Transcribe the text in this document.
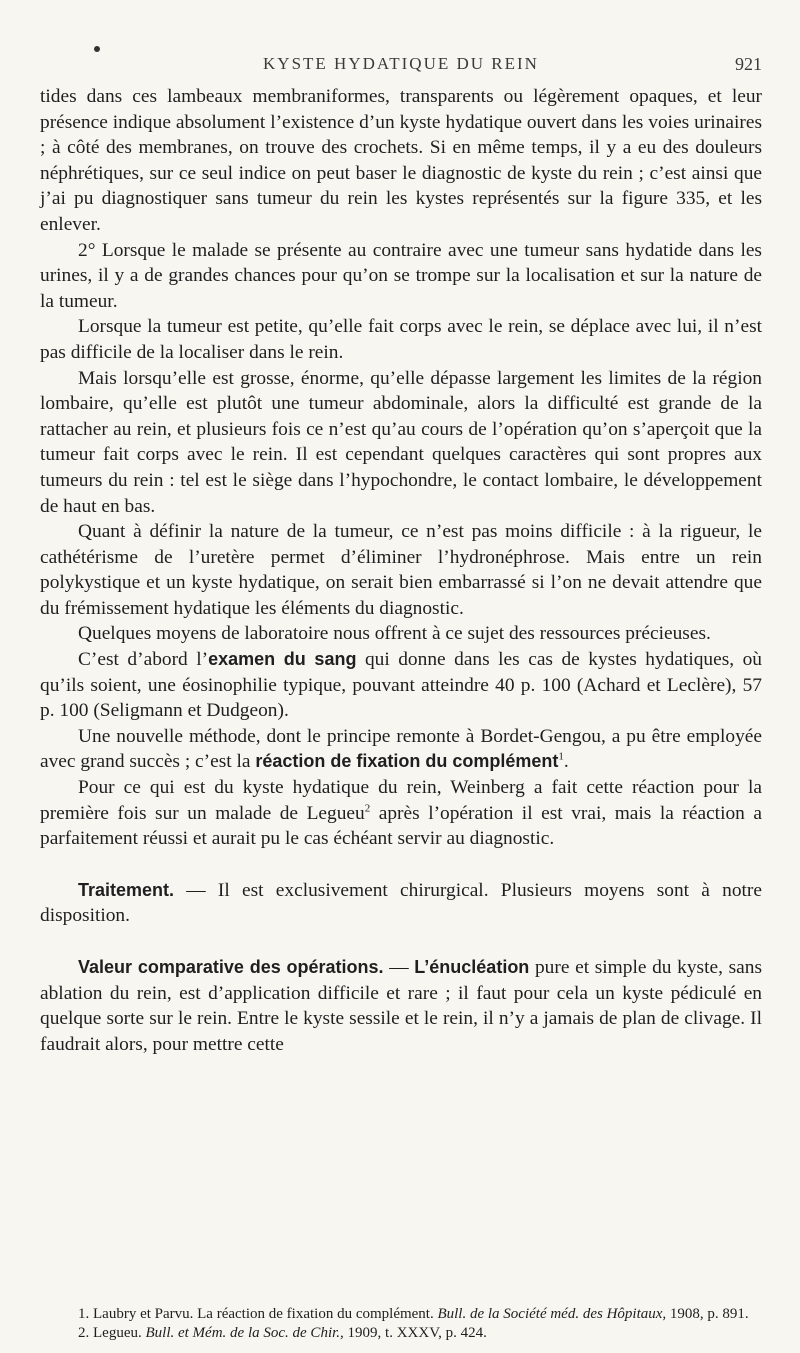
KYSTE HYDATIQUE DU REIN	921

tides dans ces lambeaux membraniformes, transparents ou légèrement opaques, et leur présence indique absolument l’existence d’un kyste hydatique ouvert dans les voies urinaires ; à côté des membranes, on trouve des crochets. Si en même temps, il y a eu des douleurs néphrétiques, sur ce seul indice on peut baser le diagnostic de kyste du rein ; c’est ainsi que j’ai pu diagnostiquer sans tumeur du rein les kystes représentés sur la figure 335, et les enlever.

2° Lorsque le malade se présente au contraire avec une tumeur sans hydatide dans les urines, il y a de grandes chances pour qu’on se trompe sur la localisation et sur la nature de la tumeur.

Lorsque la tumeur est petite, qu’elle fait corps avec le rein, se déplace avec lui, il n’est pas difficile de la localiser dans le rein.

Mais lorsqu’elle est grosse, énorme, qu’elle dépasse largement les limites de la région lombaire, qu’elle est plutôt une tumeur abdominale, alors la difficulté est grande de la rattacher au rein, et plusieurs fois ce n’est qu’au cours de l’opération qu’on s’aperçoit que la tumeur fait corps avec le rein. Il est cependant quelques caractères qui sont propres aux tumeurs du rein : tel est le siège dans l’hypochondre, le contact lombaire, le développement de haut en bas.

Quant à définir la nature de la tumeur, ce n’est pas moins difficile : à la rigueur, le cathétérisme de l’uretère permet d’éliminer l’hydronéphrose. Mais entre un rein polykystique et un kyste hydatique, on serait bien embarrassé si l’on ne devait attendre que du frémissement hydatique les éléments du diagnostic.

Quelques moyens de laboratoire nous offrent à ce sujet des ressources précieuses.

C’est d’abord l’examen du sang qui donne dans les cas de kystes hydatiques, où qu’ils soient, une éosinophilie typique, pouvant atteindre 40 p. 100 (Achard et Leclère), 57 p. 100 (Seligmann et Dudgeon).

Une nouvelle méthode, dont le principe remonte à Bordet-Gengou, a pu être employée avec grand succès ; c’est la réaction de fixation du complément$^1$.

Pour ce qui est du kyste hydatique du rein, Weinberg a fait cette réaction pour la première fois sur un malade de Legueu$^2$ après l’opération il est vrai, mais la réaction a parfaitement réussi et aurait pu le cas échéant servir au diagnostic.

Traitement. — Il est exclusivement chirurgical. Plusieurs moyens sont à notre disposition.

Valeur comparative des opérations. — L’énucléation pure et simple du kyste, sans ablation du rein, est d’application difficile et rare ; il faut pour cela un kyste pédiculé en quelque sorte sur le rein. Entre le kyste sessile et le rein, il n’y a jamais de plan de clivage. Il faudrait alors, pour mettre cette

1. Laubry et Parvu. La réaction de fixation du complément. Bull. de la Société méd. des Hôpitaux, 1908, p. 891.

2. Legueu. Bull. et Mém. de la Soc. de Chir., 1909, t. XXXV, p. 424.
